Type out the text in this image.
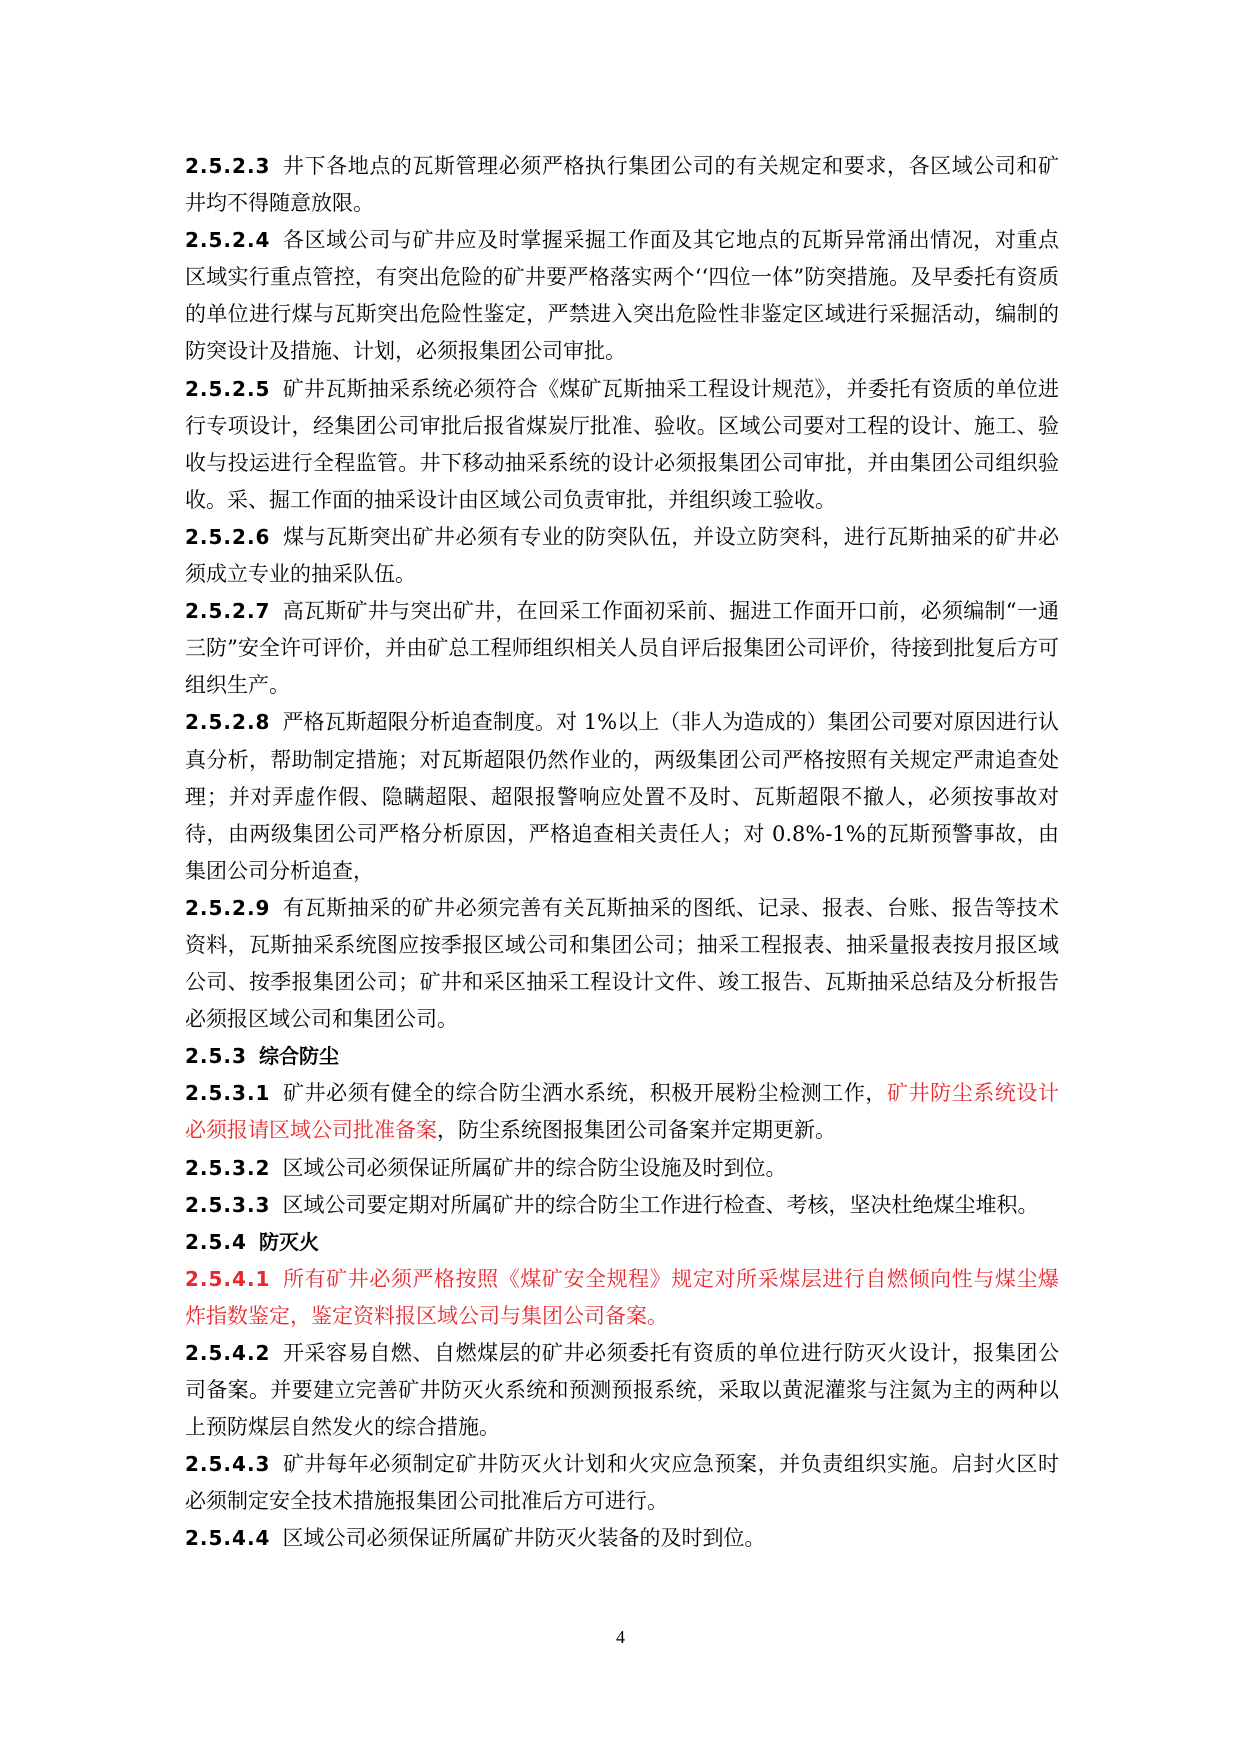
2.5.2.3 井下各地点的瓦斯管理必须严格执行集团公司的有关规定和要求，各区域公司和矿井均不得随意放限。

2.5.2.4 各区域公司与矿井应及时掌握采掘工作面及其它地点的瓦斯异常涌出情况，对重点区域实行重点管控，有突出危险的矿井要严格落实两个‘‘四位一体”防突措施。及早委托有资质的单位进行煤与瓦斯突出危险性鉴定，严禁进入突出危险性非鉴定区域进行采掘活动，编制的防突设计及措施、计划，必须报集团公司审批。

2.5.2.5 矿井瓦斯抽采系统必须符合《煤矿瓦斯抽采工程设计规范》，并委托有资质的单位进行专项设计，经集团公司审批后报省煤炭厅批准、验收。区域公司要对工程的设计、施工、验收与投运进行全程监管。井下移动抽采系统的设计必须报集团公司审批，并由集团公司组织验收。采、掘工作面的抽采设计由区域公司负责审批，并组织竣工验收。

2.5.2.6 煤与瓦斯突出矿井必须有专业的防突队伍，并设立防突科，进行瓦斯抽采的矿井必须成立专业的抽采队伍。

2.5.2.7 高瓦斯矿井与突出矿井，在回采工作面初采前、掘进工作面开口前，必须编制“一通三防”安全许可评价，并由矿总工程师组织相关人员自评后报集团公司评价，待接到批复后方可组织生产。

2.5.2.8 严格瓦斯超限分析追查制度。对 1%以上（非人为造成的）集团公司要对原因进行认真分析，帮助制定措施；对瓦斯超限仍然作业的，两级集团公司严格按照有关规定严肃追查处理；并对弄虚作假、隐瞒超限、超限报警响应处置不及时、瓦斯超限不撤人，必须按事故对待，由两级集团公司严格分析原因，严格追查相关责任人；对 0.8%-1%的瓦斯预警事故，由集团公司分析追查，

2.5.2.9 有瓦斯抽采的矿井必须完善有关瓦斯抽采的图纸、记录、报表、台账、报告等技术资料，瓦斯抽采系统图应按季报区域公司和集团公司；抽采工程报表、抽采量报表按月报区域公司、按季报集团公司；矿井和采区抽采工程设计文件、竣工报告、瓦斯抽采总结及分析报告必须报区域公司和集团公司。

2.5.3 综合防尘

2.5.3.1 矿井必须有健全的综合防尘洒水系统，积极开展粉尘检测工作，矿井防尘系统设计必须报请区域公司批准备案，防尘系统图报集团公司备案并定期更新。

2.5.3.2 区域公司必须保证所属矿井的综合防尘设施及时到位。

2.5.3.3 区域公司要定期对所属矿井的综合防尘工作进行检查、考核，坚决杜绝煤尘堆积。

2.5.4 防灭火

2.5.4.1 所有矿井必须严格按照《煤矿安全规程》规定对所采煤层进行自燃倾向性与煤尘爆炸指数鉴定，鉴定资料报区域公司与集团公司备案。

2.5.4.2 开采容易自燃、自燃煤层的矿井必须委托有资质的单位进行防灭火设计，报集团公司备案。并要建立完善矿井防灭火系统和预测预报系统，采取以黄泥灌浆与注氮为主的两种以上预防煤层自然发火的综合措施。

2.5.4.3 矿井每年必须制定矿井防灭火计划和火灾应急预案，并负责组织实施。启封火区时必须制定安全技术措施报集团公司批准后方可进行。

2.5.4.4 区域公司必须保证所属矿井防灭火装备的及时到位。

4
